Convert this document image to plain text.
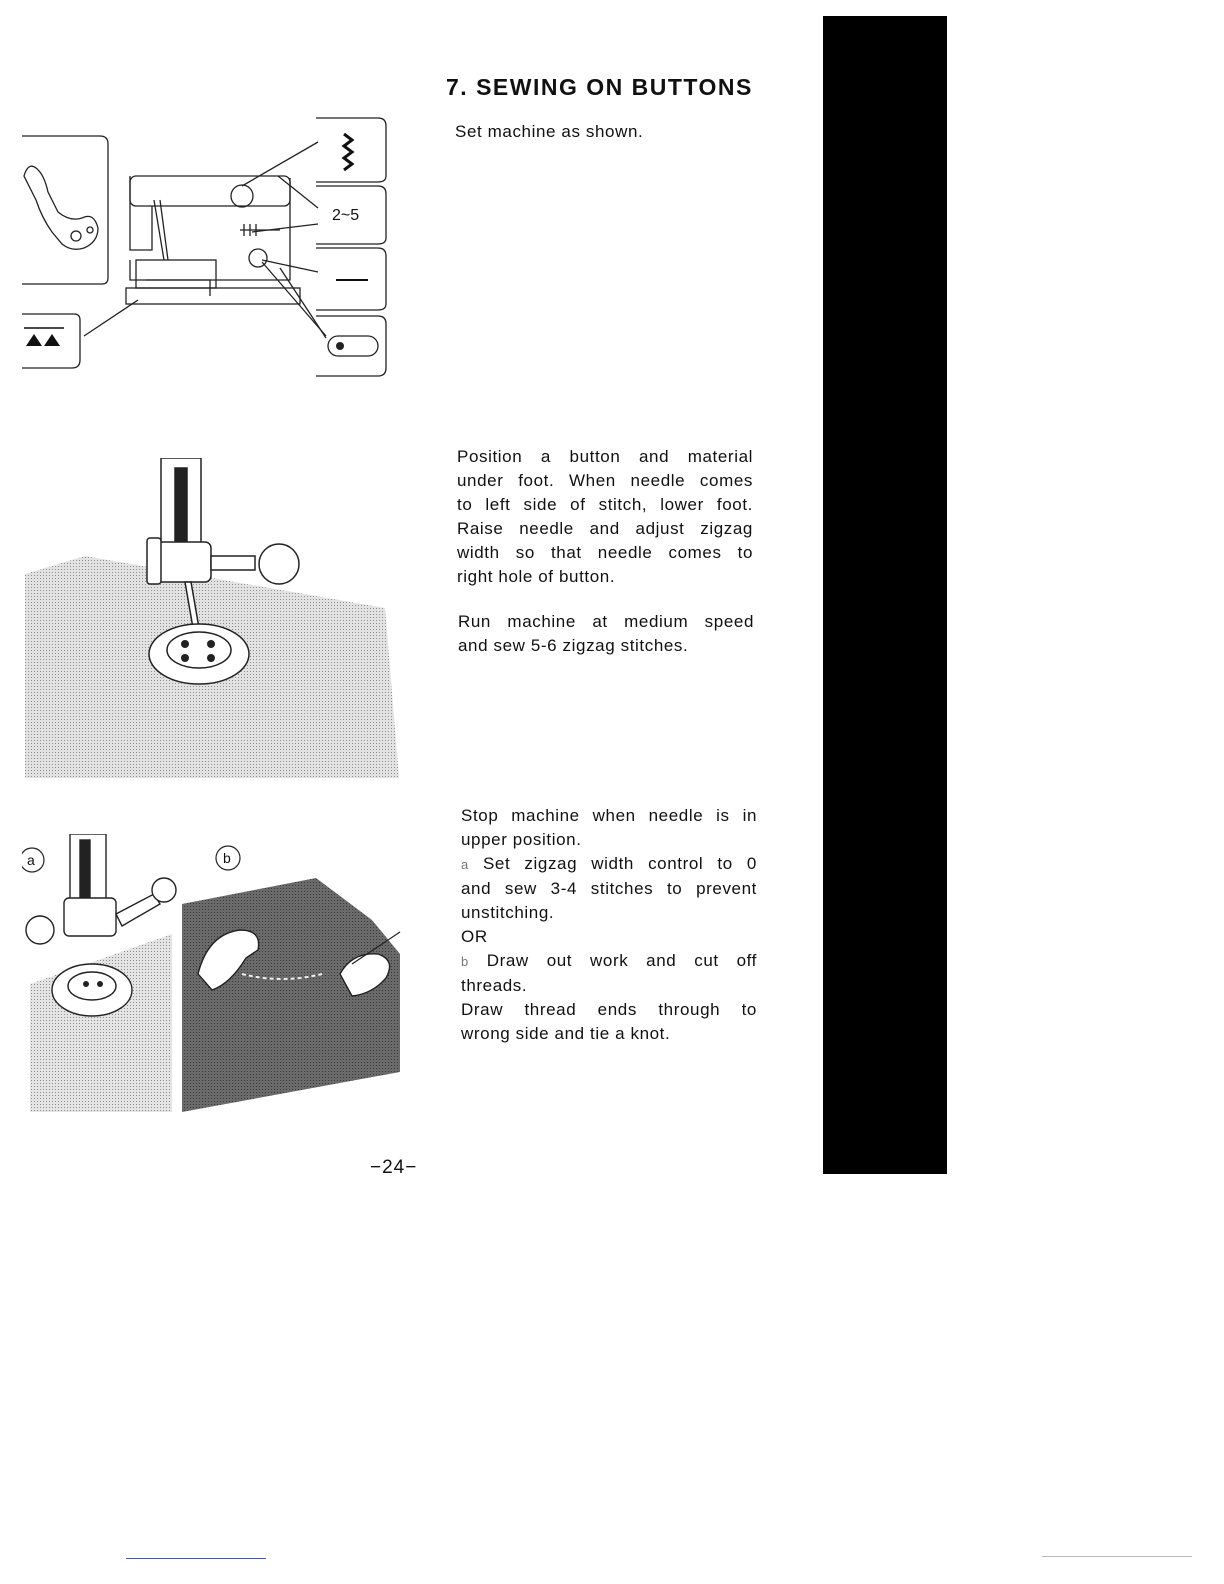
7. SEWING ON BUTTONS
Set machine as shown.
Position a button and material
under foot. When needle comes
to left side of stitch, lower foot.
Raise needle and adjust zigzag
width so that needle comes to
right hole of button.
Run machine at medium speed
and sew 5-6 zigzag stitches.
Stop machine when needle is in
upper position.
a Set zigzag width control to 0
and sew 3-4 stitches to prevent
unstitching.
OR
b Draw out work and cut off
threads.
Draw thread ends through to
wrong side and tie a knot.
−24−
2~5
a	b
